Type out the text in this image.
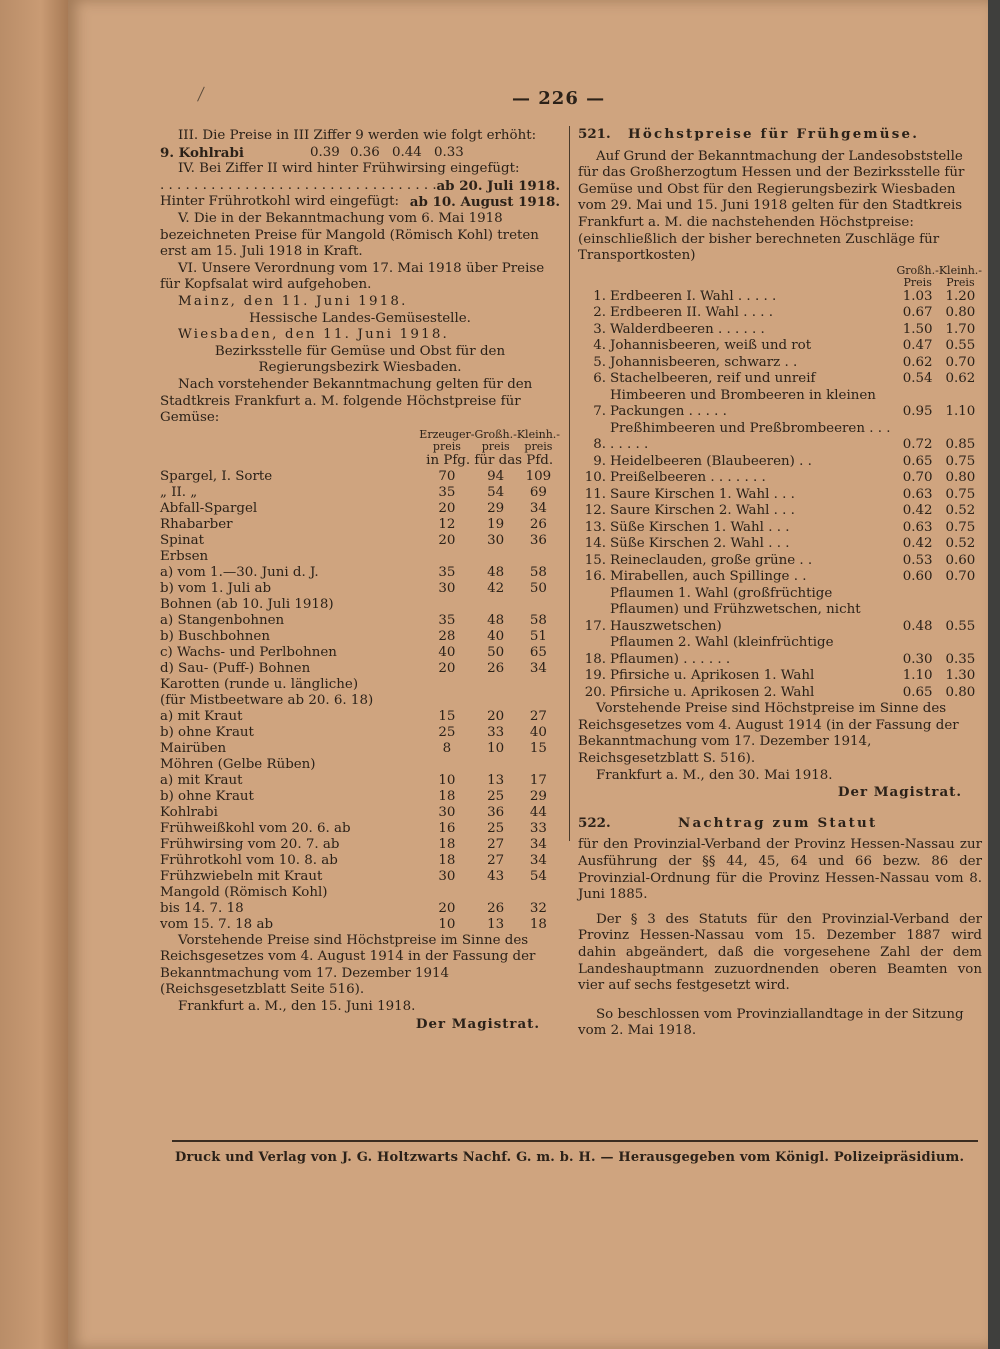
— 226 —

III. Die Preise in III Ziffer 9 werden wie folgt erhöht:

9. Kohlrabi	0.39 0.36 0.44 0.33

IV. Bei Ziffer II wird hinter Frühwirsing eingefügt:

. . .
ab 20. Juli 1918.
Hinter Frührotkohl wird eingefügt: ab 10. August 1918.

V. Die in der Bekanntmachung vom 6. Mai 1918 bezeichneten Preise für Mangold (Römisch Kohl) treten erst am 15. Juli 1918 in Kraft.

VI. Unsere Verordnung vom 17. Mai 1918 über Preise für Kopfsalat wird aufgehoben.

Mainz, den 11. Juni 1918.

Hessische Landes-Gemüsestelle.

Wiesbaden, den 11. Juni 1918.

Bezirksstelle für Gemüse und Obst für den Regierungsbezirk Wiesbaden.

Nach vorstehender Bekanntmachung gelten für den Stadtkreis Frankfurt a. M. folgende Höchstpreise für Gemüse:

	Erzeuger-preis	Großh.-preis	Kleinh.-preis
	in Pfg. für das Pfd.		
Spargel, I. Sorte	70	94	109
„ II. „	35	54	69
Abfall-Spargel	20	29	34
Rhabarber	12	19	26
Spinat	20	30	36
Erbsen			
a) vom 1.—30. Juni d. J.	35	48	58
b) vom 1. Juli ab	30	42	50
Bohnen (ab 10. Juli 1918)			
a) Stangenbohnen	35	48	58
b) Buschbohnen	28	40	51
c) Wachs- und Perlbohnen	40	50	65
d) Sau- (Puff-) Bohnen	20	26	34
Karotten (runde u. längliche)			
(für Mistbeetware ab 20. 6. 18)			
a) mit Kraut	15	20	27
b) ohne Kraut	25	33	40
Mairüben	8	10	15
Möhren (Gelbe Rüben)			
a) mit Kraut	10	13	17
b) ohne Kraut	18	25	29
Kohlrabi	30	36	44
Frühweißkohl vom 20. 6. ab	16	25	33
Frühwirsing vom 20. 7. ab	18	27	34
Frührotkohl vom 10. 8. ab	18	27	34
Frühzwiebeln mit Kraut	30	43	54
Mangold (Römisch Kohl)			
bis 14. 7. 18	20	26	32
vom 15. 7. 18 ab	10	13	18

Vorstehende Preise sind Höchstpreise im Sinne des Reichsgesetzes vom 4. August 1914 in der Fassung der Bekanntmachung vom 17. Dezember 1914 (Reichsgesetzblatt Seite 516).

Frankfurt a. M., den 15. Juni 1918.

Der Magistrat.

521.	Höchstpreise für Frühgemüse.

Auf Grund der Bekanntmachung der Landesobststelle für das Großherzogtum Hessen und der Bezirksstelle für Gemüse und Obst für den Regierungsbezirk Wiesbaden vom 29. Mai und 15. Juni 1918 gelten für den Stadtkreis Frankfurt a. M. die nachstehenden Höchstpreise: (einschließlich der bisher berechneten Zuschläge für Transportkosten)

		Großh.-Preis	Kleinh.-Preis
1.	Erdbeeren I. Wahl . . . . .	1.03	1.20
2.	Erdbeeren II. Wahl . . . .	0.67	0.80
3.	Walderdbeeren . . . . . .	1.50	1.70
4.	Johannisbeeren, weiß und rot	0.47	0.55
5.	Johannisbeeren, schwarz . .	0.62	0.70
6.	Stachelbeeren, reif und unreif	0.54	0.62
7.	Himbeeren und Brombeeren in kleinen Packungen . . . . .	0.95	1.10
8.	Preßhimbeeren und Preßbrombeeren . . . . . . . .	0.72	0.85
9.	Heidelbeeren (Blaubeeren) . .	0.65	0.75
10.	Preißelbeeren . . . . . . .	0.70	0.80
11.	Saure Kirschen 1. Wahl . . .	0.63	0.75
12.	Saure Kirschen 2. Wahl . . .	0.42	0.52
13.	Süße Kirschen 1. Wahl . . .	0.63	0.75
14.	Süße Kirschen 2. Wahl . . .	0.42	0.52
15.	Reineclauden, große grüne . .	0.53	0.60
16.	Mirabellen, auch Spillinge . .	0.60	0.70
17.	Pflaumen 1. Wahl (großfrüchtige Pflaumen) und Frühzwetschen, nicht Hauszwetschen)	0.48	0.55
18.	Pflaumen 2. Wahl (kleinfrüchtige Pflaumen) . . . . . .	0.30	0.35
19.	Pfirsiche u. Aprikosen 1. Wahl	1.10	1.30
20.	Pfirsiche u. Aprikosen 2. Wahl	0.65	0.80

Vorstehende Preise sind Höchstpreise im Sinne des Reichsgesetzes vom 4. August 1914 (in der Fassung der Bekanntmachung vom 17. Dezember 1914, Reichsgesetzblatt S. 516).

Frankfurt a. M., den 30. Mai 1918.

Der Magistrat.

522.	Nachtrag zum Statut

für den Provinzial-Verband der Provinz Hessen-Nassau zur Ausführung der §§ 44, 45, 64 und 66 bezw. 86 der Provinzial-Ordnung für die Provinz Hessen-Nassau vom 8. Juni 1885.

Der § 3 des Statuts für den Provinzial-Verband der Provinz Hessen-Nassau vom 15. Dezember 1887 wird dahin abgeändert, daß die vorgesehene Zahl der dem Landeshauptmann zuzuordnenden oberen Beamten von vier auf sechs festgesetzt wird.

So beschlossen vom Provinziallandtage in der Sitzung vom 2. Mai 1918.

Druck und Verlag von J. G. Holtzwarts Nachf. G. m. b. H. — Herausgegeben vom Königl. Polizeipräsidium.
